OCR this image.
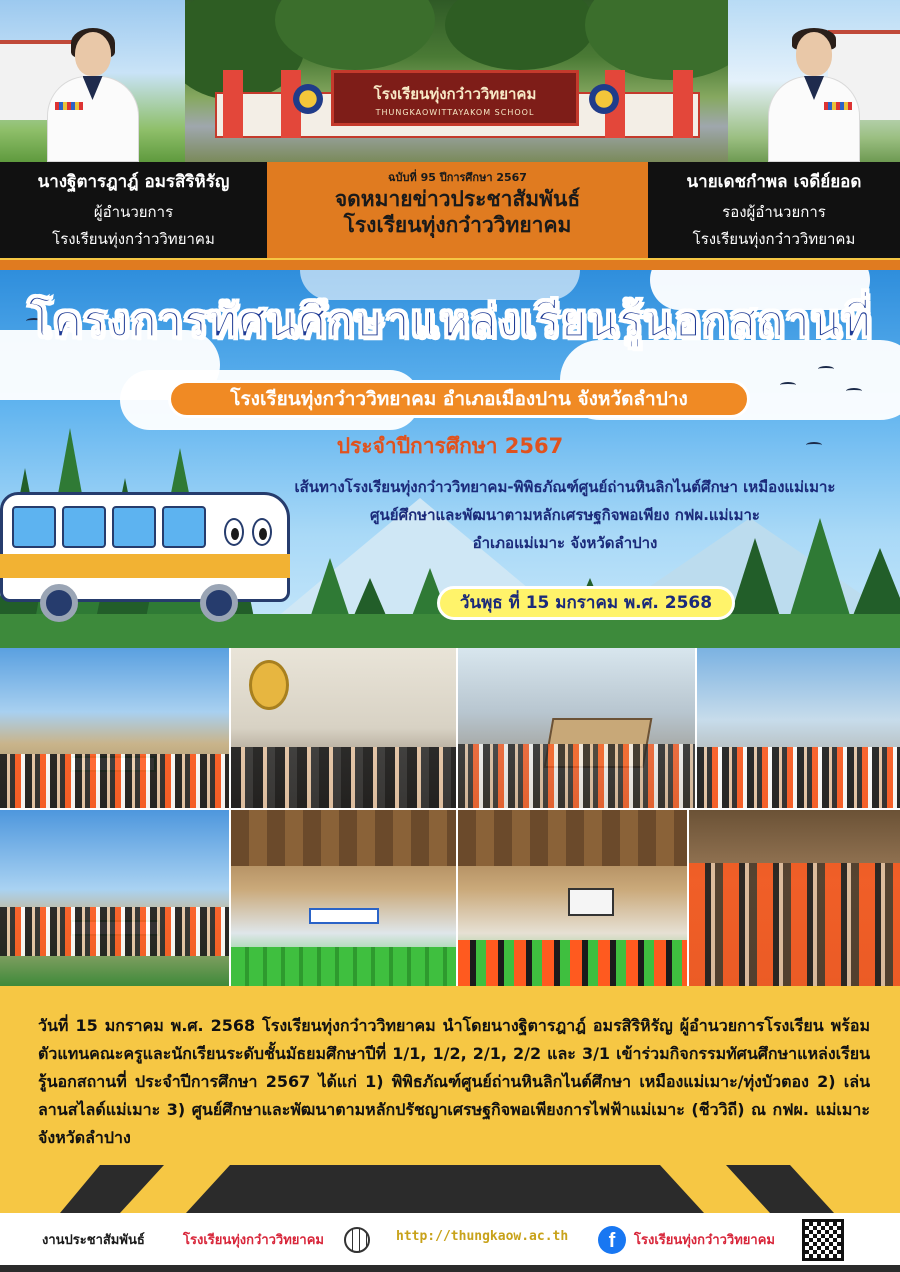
โรงเรียนทุ่งกว๋าววิทยาคม
THUNGKAOWITTAYAKOM SCHOOL
นางฐิตารฎาฎ์ อมรสิริหิรัญ
ผู้อำนวยการ
โรงเรียนทุ่งกว๋าววิทยาคม
ฉบับที่ 95 ปีการศึกษา 2567
จดหมายข่าวประชาสัมพันธ์
โรงเรียนทุ่งกว๋าววิทยาคม
นายเดชกำพล เจดีย์ยอด
รองผู้อำนวยการ
โรงเรียนทุ่งกว๋าววิทยาคม
โครงการทัศนศึกษาแหล่งเรียนรู้นอกสถานที่
โรงเรียนทุ่งกว๋าววิทยาคม อำเภอเมืองปาน จังหวัดลำปาง
ประจำปีการศึกษา 2567
เส้นทางโรงเรียนทุ่งกว๋าววิทยาคม-พิพิธภัณฑ์ศูนย์ถ่านหินลิกไนต์ศึกษา เหมืองแม่เมาะ
ศูนย์ศึกษาและพัฒนาตามหลักเศรษฐกิจพอเพียง กฟผ.แม่เมาะ
อำเภอแม่เมาะ จังหวัดลำปาง
วันพุธ ที่ 15 มกราคม พ.ศ. 2568
วันที่ 15 มกราคม พ.ศ. 2568 โรงเรียนทุ่งกว๋าววิทยาคม นำโดยนางฐิตารฎาฎ์ อมรสิริหิรัญ ผู้อำนวยการโรงเรียน พร้อมตัวแทนคณะครูและนักเรียนระดับชั้นมัธยมศึกษาปีที่ 1/1, 1/2, 2/1, 2/2 และ 3/1 เข้าร่วมกิจกรรมทัศนศึกษาแหล่งเรียนรู้นอกสถานที่ ประจำปีการศึกษา 2567 ได้แก่ 1) พิพิธภัณฑ์ศูนย์ถ่านหินลิกไนต์ศึกษา เหมืองแม่เมาะ/ทุ่งบัวตอง 2) เล่นลานสไลด์แม่เมาะ 3) ศูนย์ศึกษาและพัฒนาตามหลักปรัชญาเศรษฐกิจพอเพียงการไฟฟ้าแม่เมาะ (ชีววิถี) ณ กฟผ. แม่เมาะ จังหวัดลำปาง
งานประชาสัมพันธ์	โรงเรียนทุ่งกว๋าววิทยาคม	http://thungkaow.ac.th	f	โรงเรียนทุ่งกว๋าววิทยาคม
